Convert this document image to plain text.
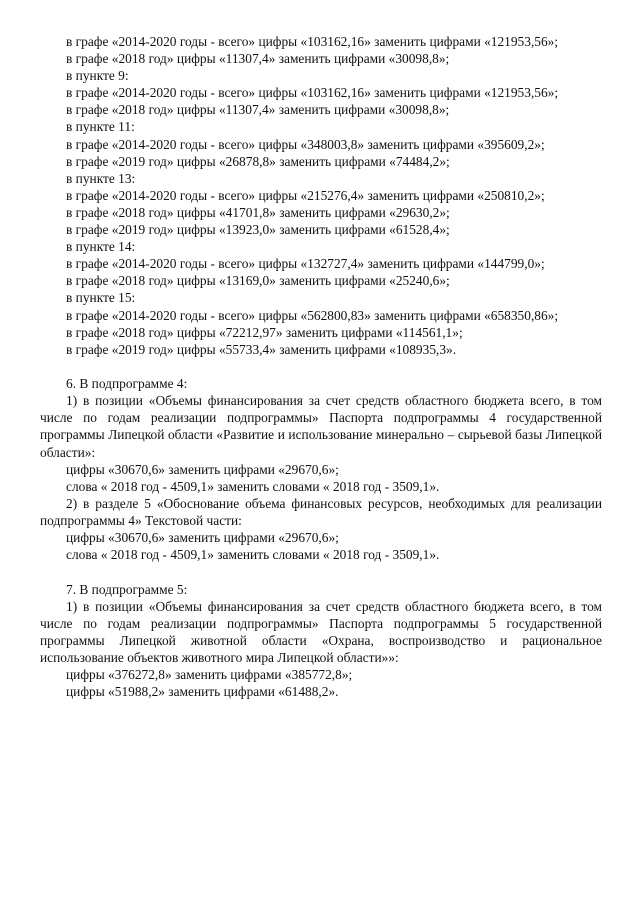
в графе «2014-2020 годы - всего» цифры «103162,16» заменить цифрами «121953,56»;

в графе «2018 год» цифры «11307,4» заменить цифрами «30098,8»;

в пункте 9:

в графе «2014-2020 годы - всего» цифры «103162,16» заменить цифрами «121953,56»;

в графе «2018 год» цифры «11307,4» заменить цифрами «30098,8»;

в пункте 11:

в графе «2014-2020 годы - всего» цифры «348003,8» заменить цифрами «395609,2»;

в графе «2019 год» цифры «26878,8» заменить цифрами «74484,2»;

в пункте 13:

в графе «2014-2020 годы - всего» цифры «215276,4» заменить цифрами «250810,2»;

в графе «2018 год» цифры «41701,8» заменить цифрами «29630,2»;

в графе «2019 год» цифры «13923,0» заменить цифрами «61528,4»;

в пункте 14:

в графе «2014-2020 годы - всего» цифры «132727,4» заменить цифрами «144799,0»;

в графе «2018 год» цифры «13169,0» заменить цифрами «25240,6»;

в пункте 15:

в графе «2014-2020 годы - всего» цифры «562800,83» заменить цифрами «658350,86»;

в графе «2018 год» цифры «72212,97» заменить цифрами «114561,1»;

в графе «2019 год» цифры «55733,4» заменить цифрами «108935,3».

6. В подпрограмме 4:

1) в позиции «Объемы финансирования за счет средств областного бюджета всего, в том числе по годам реализации подпрограммы» Паспорта подпрограммы 4 государственной программы Липецкой области «Развитие и использование минерально – сырьевой базы Липецкой области»:

цифры «30670,6» заменить цифрами «29670,6»;

слова « 2018 год - 4509,1» заменить словами « 2018 год - 3509,1».

2) в разделе 5 «Обоснование объема финансовых ресурсов, необходимых для реализации подпрограммы 4» Текстовой части:

цифры «30670,6» заменить цифрами «29670,6»;

слова « 2018 год - 4509,1» заменить словами « 2018 год - 3509,1».

7. В подпрограмме 5:

1) в позиции «Объемы финансирования за счет средств областного бюджета всего, в том числе по годам реализации подпрограммы» Паспорта подпрограммы 5 государственной программы Липецкой животной области «Охрана, воспроизводство и рациональное использование объектов животного мира Липецкой области»»:

цифры «376272,8» заменить цифрами «385772,8»;

цифры «51988,2» заменить цифрами «61488,2».
